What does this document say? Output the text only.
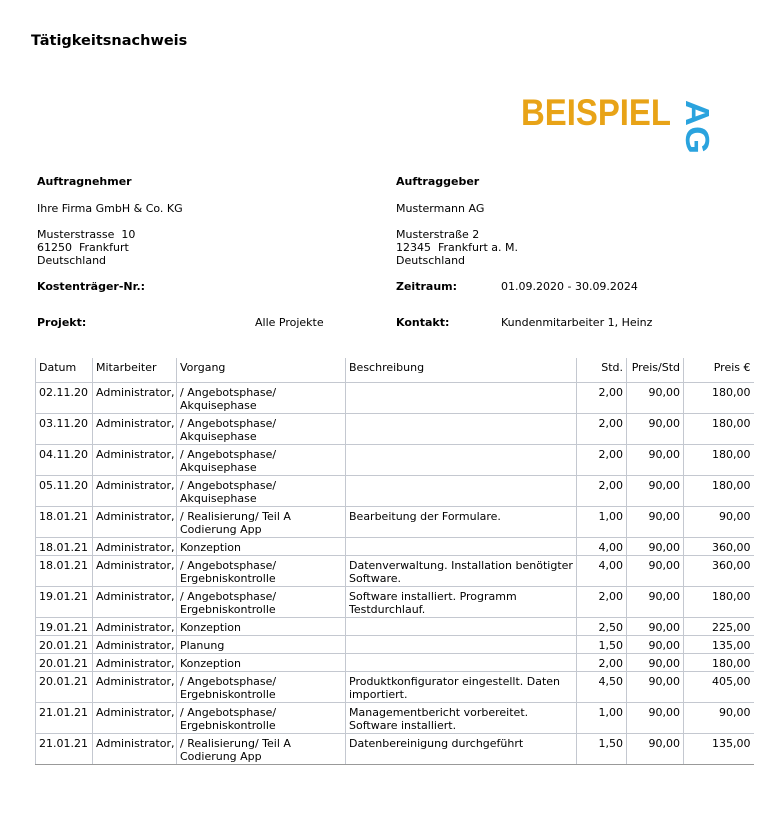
Tätigkeitsnachweis
BEISPIEL AG
Auftragnehmer
Ihre Firma GmbH & Co. KG
Musterstrasse  10
61250  Frankfurt
Deutschland
Auftraggeber
Mustermann AG
Musterstraße 2
12345  Frankfurt a. M.
Deutschland
Kostenträger-Nr.:	Zeitraum:	01.09.2020 - 30.09.2024
Projekt:	Alle Projekte	Kontakt:	Kundenmitarbeiter 1, Heinz
Datum	Mitarbeiter	Vorgang	Beschreibung	Std.	Preis/Std	Preis €
02.11.20	Administrator,	/ Angebotsphase/ Akquisephase		2,00	90,00	180,00
03.11.20	Administrator,	/ Angebotsphase/ Akquisephase		2,00	90,00	180,00
04.11.20	Administrator,	/ Angebotsphase/ Akquisephase		2,00	90,00	180,00
05.11.20	Administrator,	/ Angebotsphase/ Akquisephase		2,00	90,00	180,00
18.01.21	Administrator,	/ Realisierung/ Teil A Codierung App	Bearbeitung der Formulare.	1,00	90,00	90,00
18.01.21	Administrator,	Konzeption		4,00	90,00	360,00
18.01.21	Administrator,	/ Angebotsphase/ Ergebniskontrolle	Datenverwaltung. Installation benötigter Software.	4,00	90,00	360,00
19.01.21	Administrator,	/ Angebotsphase/ Ergebniskontrolle	Software installiert. Programm Testdurchlauf.	2,00	90,00	180,00
19.01.21	Administrator,	Konzeption		2,50	90,00	225,00
20.01.21	Administrator,	Planung		1,50	90,00	135,00
20.01.21	Administrator,	Konzeption		2,00	90,00	180,00
20.01.21	Administrator,	/ Angebotsphase/ Ergebniskontrolle	Produktkonfigurator eingestellt. Daten importiert.	4,50	90,00	405,00
21.01.21	Administrator,	/ Angebotsphase/ Ergebniskontrolle	Managementbericht vorbereitet. Software installiert.	1,00	90,00	90,00
21.01.21	Administrator,	/ Realisierung/ Teil A Codierung App	Datenbereinigung durchgeführt	1,50	90,00	135,00
